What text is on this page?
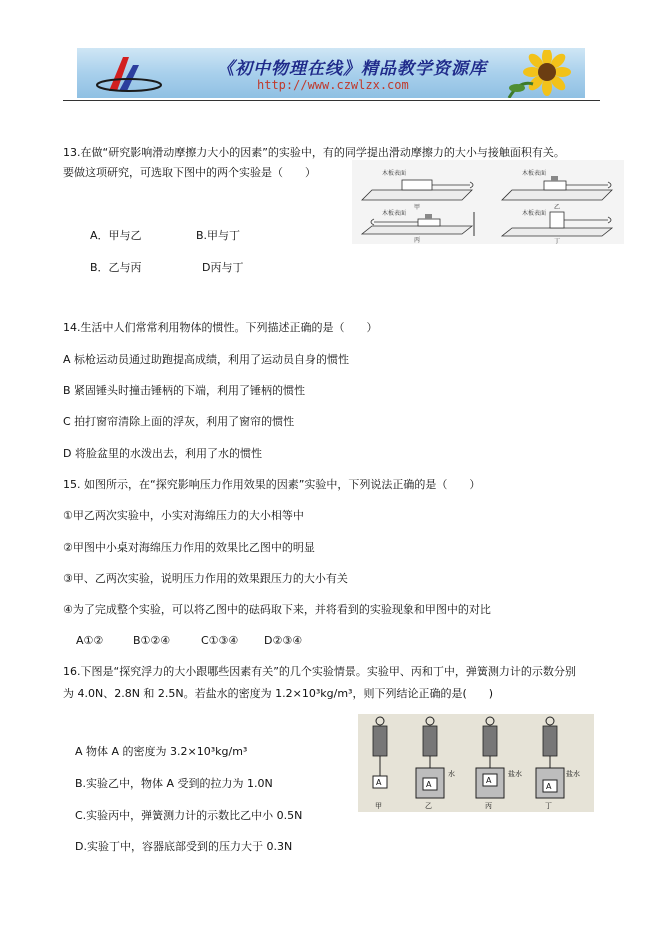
《初中物理在线》精品教学资源库
http://www.czwlzx.com
13.在做“研究影响滑动摩擦力大小的因素”的实验中，有的同学提出滑动摩擦力的大小与接触面积有关。
要做这项研究，可选取下图中的两个实验是（　　）
A．甲与乙	B.甲与丁
B．乙与丙	D丙与丁
木板表面
甲
木板表面
乙
木板表面
丙
木板表面
丁
14.生活中人们常常利用物体的惯性。下列描述正确的是（　　）
A 标枪运动员通过助跑提高成绩，利用了运动员自身的惯性
B 紧固锤头时撞击锤柄的下端，利用了锤柄的惯性
C 拍打窗帘清除上面的浮灰，利用了窗帘的惯性
D 将脸盆里的水泼出去，利用了水的惯性
15. 如图所示，在“探究影响压力作用效果的因素”实验中，下列说法正确的是（　　）
①甲乙两次实验中，小实对海绵压力的大小相等中
②甲图中小桌对海绵压力作用的效果比乙图中的明显
③甲、乙两次实验，说明压力作用的效果跟压力的大小有关
④为了完成整个实验，可以将乙图中的砝码取下来，并将看到的实验现象和甲图中的对比
A①②	B①②④	C①③④ D②③④
16.下图是“探究浮力的大小跟哪些因素有关”的几个实验情景。实验甲、丙和丁中，弹簧测力计的示数分别
为 4.0N、2.8N 和 2.5N。若盐水的密度为 1.2×10³kg/m³，则下列结论正确的是(　　)
A 物体 A 的密度为 3.2×10³kg/m³
B.实验乙中，物体 A 受到的拉力为 1.0N
C.实验丙中，弹簧测力计的示数比乙中小 0.5N
D.实验丁中，容器底部受到的压力大于 0.3N
A
甲
A
水
乙
A
盐水
丙
A
盐水
丁
